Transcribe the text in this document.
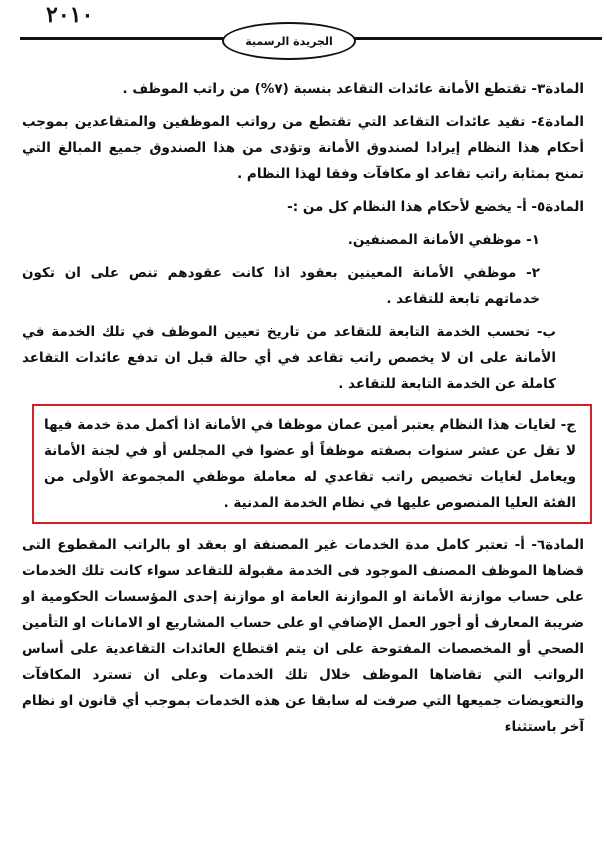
٢٠١٠
الجريدة الرسمية

المادة٣- تقتطع الأمانة عائدات التقاعد بنسبة (٧%) من راتب الموظف .

المادة٤- تقيد عائدات التقاعد التي تقتطع من رواتب الموظفين والمتقاعدين بموجب أحكام هذا النظام إيرادا لصندوق الأمانة وتؤدى من هذا الصندوق جميع المبالغ التي تمنح بمثابة راتب تقاعد او مكافآت وفقا لهذا النظام .

المادة٥- أ- يخضع لأحكام هذا النظام كل من :-

١- موظفي الأمانة المصنفين.

٢- موظفي الأمانة المعينين بعقود اذا كانت عقودهم تنص على ان تكون خدماتهم تابعة للتقاعد .

ب- تحسب الخدمة التابعة للتقاعد من تاريخ تعيين الموظف في تلك الخدمة في الأمانة على ان لا يخصص راتب تقاعد في أي حالة قبل ان تدفع عائدات التقاعد كاملة عن الخدمة التابعة للتقاعد .

ج- لغايات هذا النظام يعتبر أمين عمان موظفا في الأمانة اذا أكمل مدة خدمة فيها لا تقل عن عشر سنوات بصفته موظفاً أو عضوا في المجلس أو في لجنة الأمانة ويعامل لغايات تخصيص راتب تقاعدي له معاملة موظفي المجموعة الأولى من الفئة العليا المنصوص عليها في نظام الخدمة المدنية .

المادة٦- أ- تعتبر كامل مدة الخدمات غير المصنفة او بعقد او بالراتب المقطوع التى قضاها الموظف المصنف الموجود فى الخدمة مقبولة للتقاعد سواء كانت تلك الخدمات على حساب موازنة الأمانة او الموازنة العامة او موازنة إحدى المؤسسات الحكومية او ضريبة المعارف أو أجور العمل الإضافي او على حساب المشاريع او الامانات او التأمين الصحي أو المخصصات المفتوحة على ان يتم اقتطاع العائدات التقاعدية على أساس الرواتب التي تقاضاها الموظف خلال تلك الخدمات وعلى ان تسترد المكافآت والتعويضات جميعها التي صرفت له سابقا عن هذه الخدمات بموجب أي قانون او نظام آخر باستثناء
